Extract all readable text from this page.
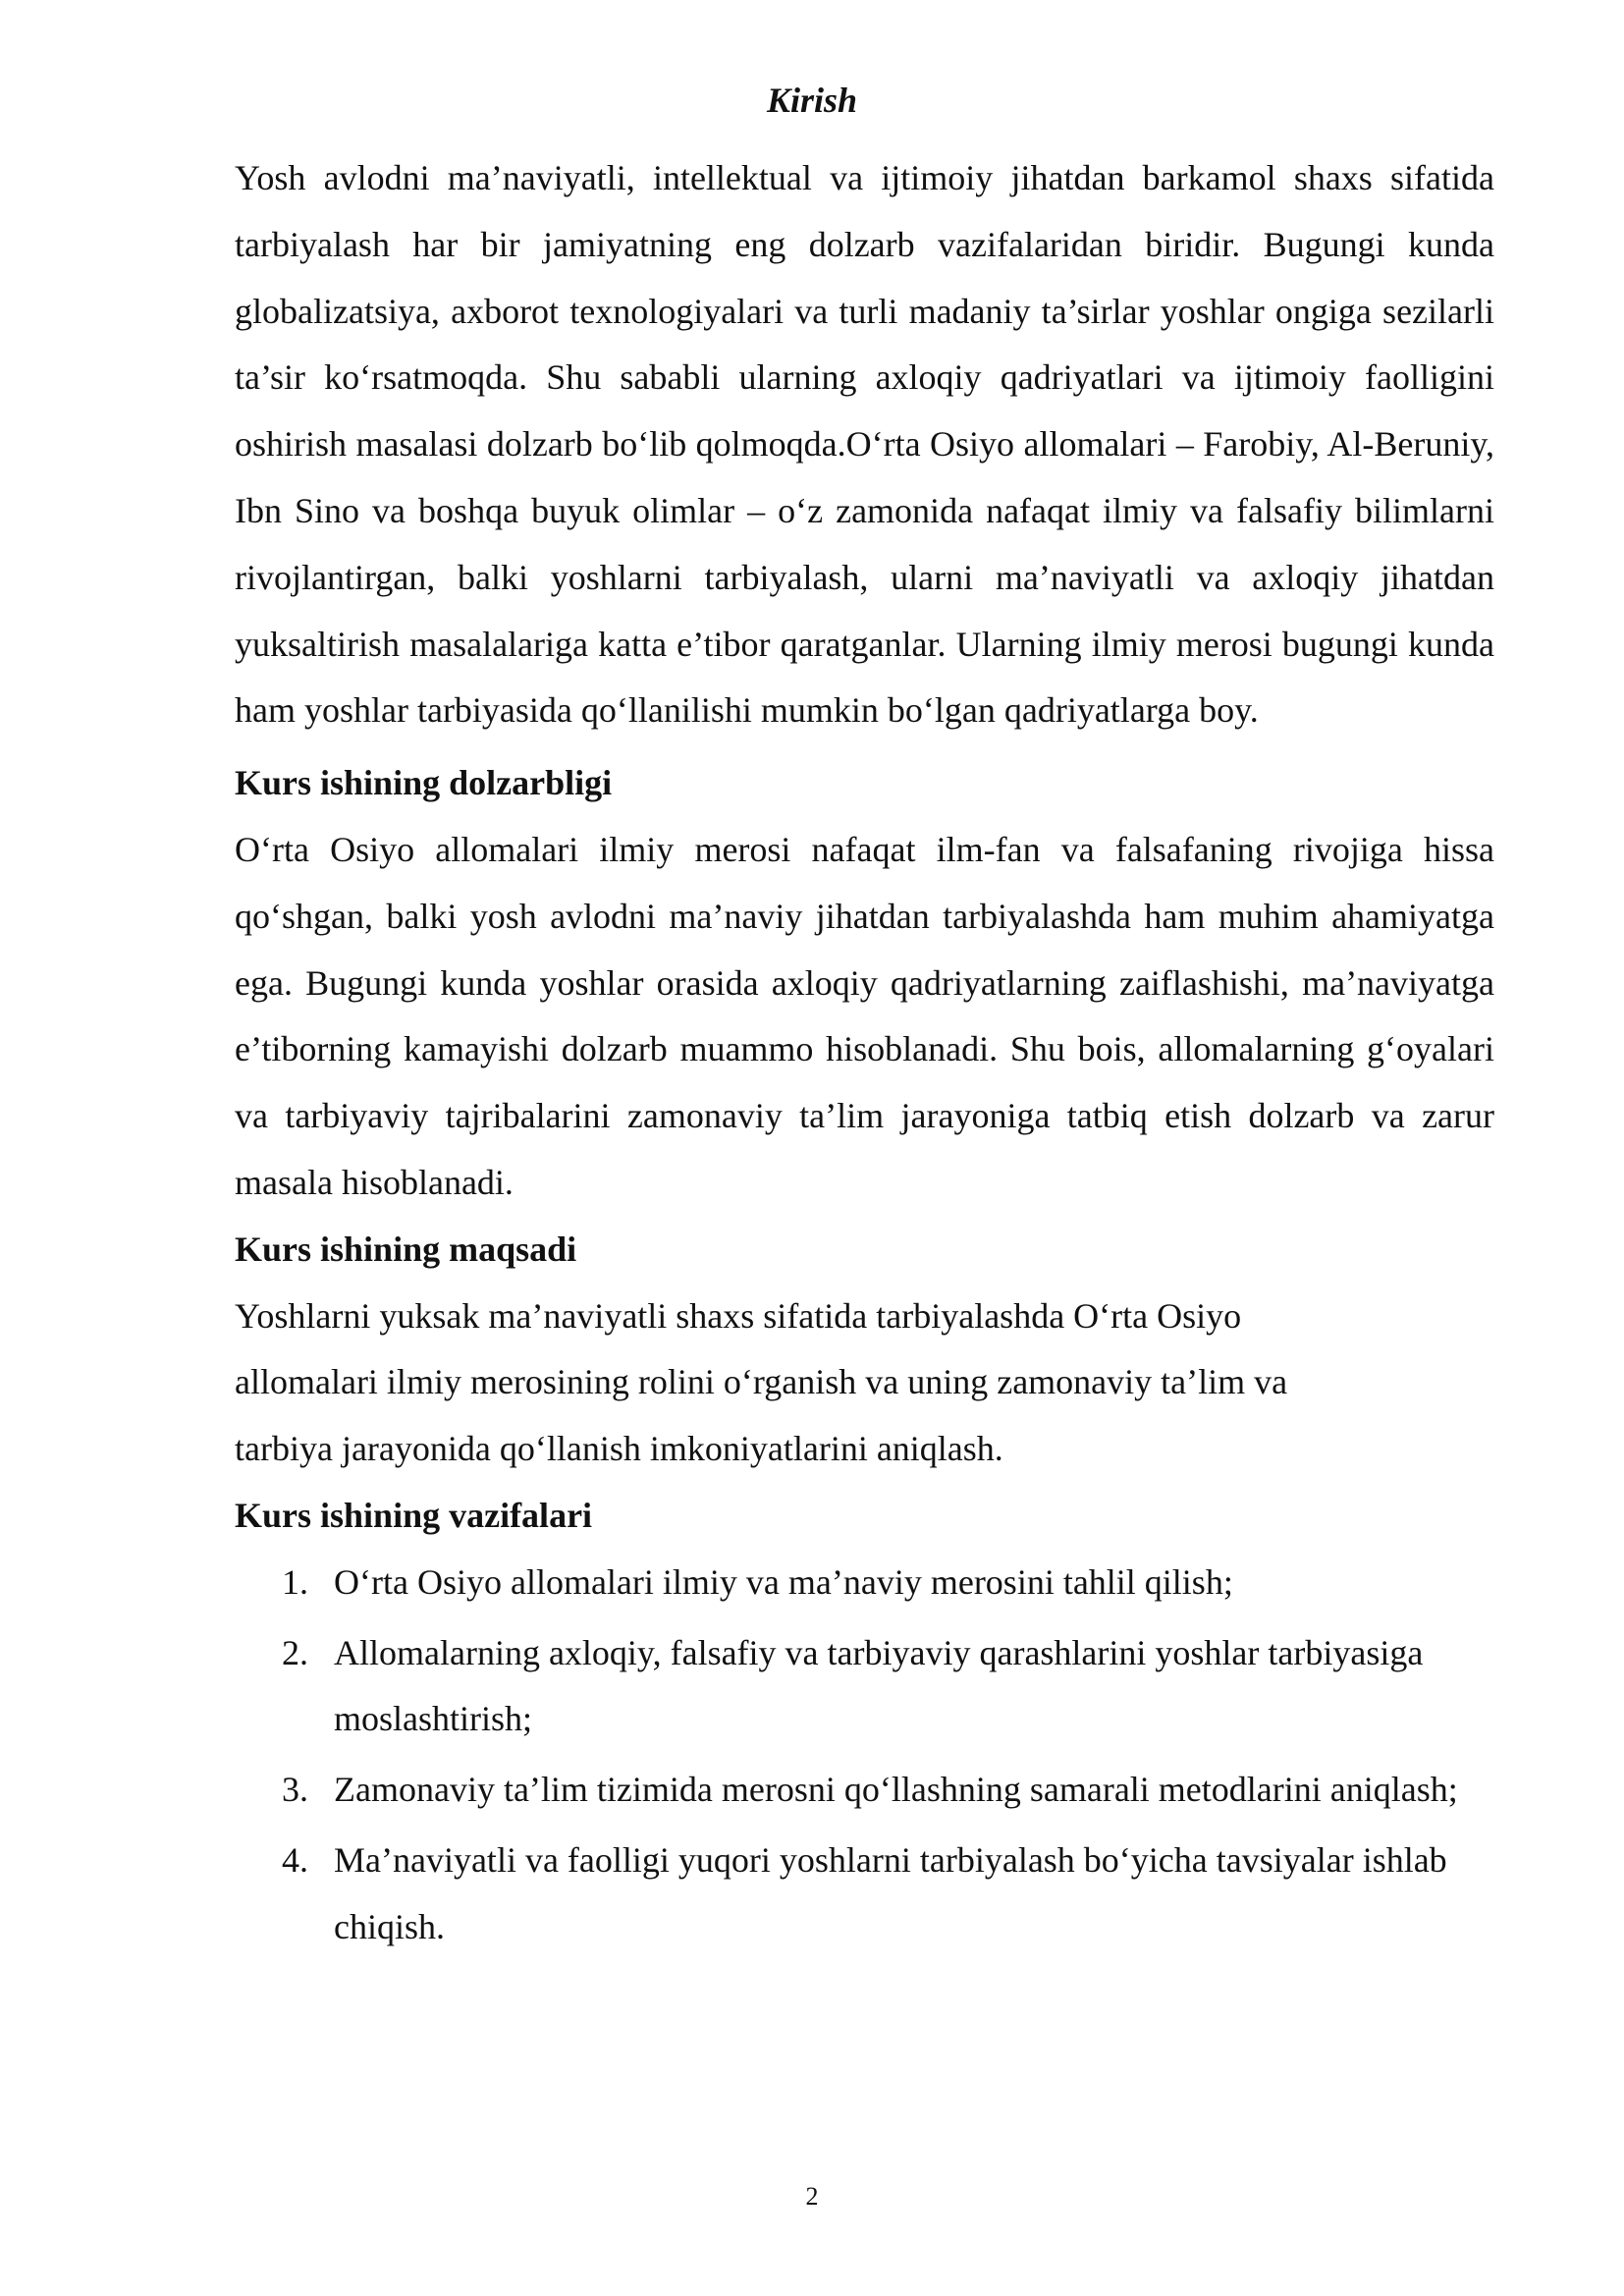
Kirish

Yosh avlodni ma’naviyatli, intellektual va ijtimoiy jihatdan barkamol shaxs sifatida tarbiyalash har bir jamiyatning eng dolzarb vazifalaridan biridir. Bugungi kunda globalizatsiya, axborot texnologiyalari va turli madaniy ta’sirlar yoshlar ongiga sezilarli ta’sir ko‘rsatmoqda. Shu sababli ularning axloqiy qadriyatlari va ijtimoiy faolligini oshirish masalasi dolzarb bo‘lib qolmoqda.O‘rta Osiyo allomalari – Farobiy, Al-Beruniy, Ibn Sino va boshqa buyuk olimlar – o‘z zamonida nafaqat ilmiy va falsafiy bilimlarni rivojlantirgan, balki yoshlarni tarbiyalash, ularni ma’naviyatli va axloqiy jihatdan yuksaltirish masalalariga katta e’tibor qaratganlar. Ularning ilmiy merosi bugungi kunda ham yoshlar tarbiyasida qo‘llanilishi mumkin bo‘lgan qadriyatlarga boy.

Kurs ishining dolzarbligi

O‘rta Osiyo allomalari ilmiy merosi nafaqat ilm-fan va falsafaning rivojiga hissa qo‘shgan, balki yosh avlodni ma’naviy jihatdan tarbiyalashda ham muhim ahamiyatga ega. Bugungi kunda yoshlar orasida axloqiy qadriyatlarning zaiflashishi, ma’naviyatga e’tiborning kamayishi dolzarb muammo hisoblanadi. Shu bois, allomalarning g‘oyalari va tarbiyaviy tajribalarini zamonaviy ta’lim jarayoniga tatbiq etish dolzarb va zarur masala hisoblanadi.

Kurs ishining maqsadi

Yoshlarni yuksak ma’naviyatli shaxs sifatida tarbiyalashda O‘rta Osiyo allomalari ilmiy merosining rolini o‘rganish va uning zamonaviy ta’lim va tarbiya jarayonida qo‘llanish imkoniyatlarini aniqlash.

Kurs ishining vazifalari
1. O‘rta Osiyo allomalari ilmiy va ma’naviy merosini tahlil qilish;
2. Allomalarning axloqiy, falsafiy va tarbiyaviy qarashlarini yoshlar tarbiyasiga moslashtirish;
3. Zamonaviy ta’lim tizimida merosni qo‘llashning samarali metodlarini aniqlash;
4. Ma’naviyatli va faolligi yuqori yoshlarni tarbiyalash bo‘yicha tavsiyalar ishlab chiqish.
2
